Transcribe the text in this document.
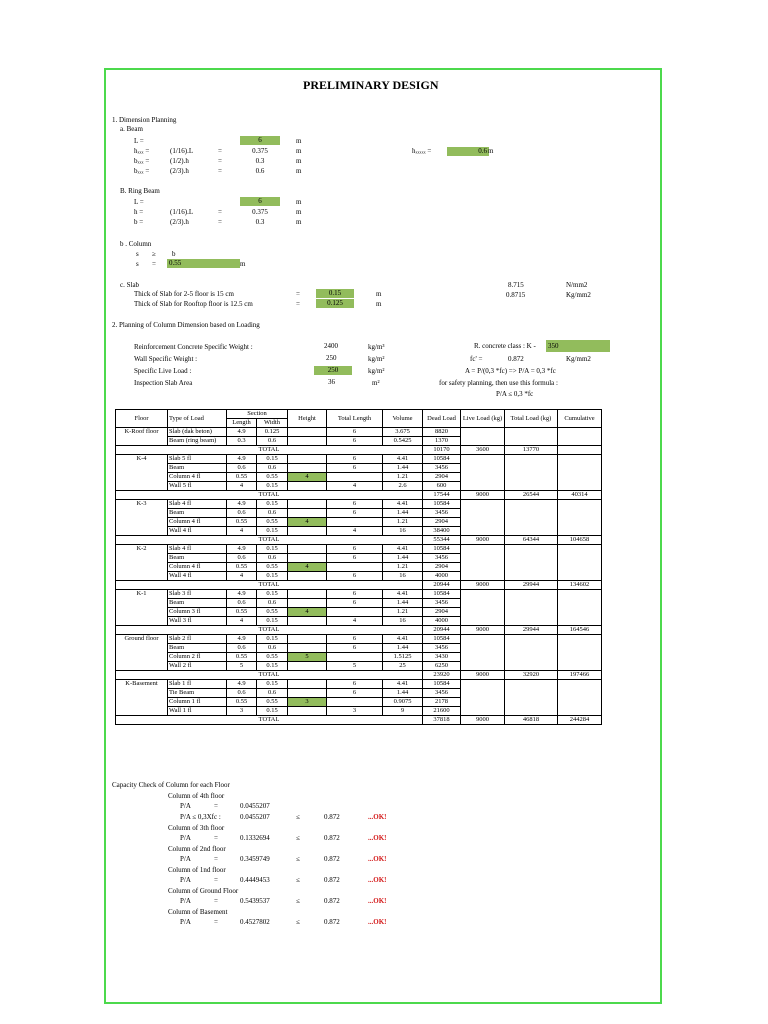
PRELIMINARY DESIGN
1. Dimension Planning
a. Beam
L =	6	m
hₓₓₓ =	(1/16).L	=	0.375	m
bₓₓₓ =	(1/2).h	=	0.3	m
bₓₓₓ =	(2/3).h	=	0.6	m
hₓₓₓₓₓ =	0.6 m
B. Ring Beam
L =	6	m
h =	(1/16).L	=	0.375	m
b =	(2/3).h	=	0.3	m
b . Column
s ≥ b
s = 0.55	m
c. Slab
Thick of Slab for 2-5 floor is 15 cm	=	0.15	m
Thick of Slab for Rooftop floor is 12.5 cm	=	0.125	m
8.715	N/mm2
0.8715	Kg/mm2
2. Planning of Column Dimension based on Loading
Reinforcement Concrete Specific Weight :	2400	kg/m³
Wall Specific Weight :	250	kg/m²
Specific Live Load :	250	kg/m²
Inspection Slab Area	36	m²
R. concrete class : K - 350
fc' =	0.872	Kg/mm2
A = P/(0,3 *fc) => P/A = 0,3 *fc
for safety planning, then use this formula :
P/A ≤ 0,3 *fc
Floor	Type of Load	Section		Height	Total Length	Volume	Dead Load	Live Load (kg)	Total Load (kg)	Cumulative
		Length	Width							
K-Roof floor	Slab (dak beton)	4.9	0.125		6	3.675	8820			
	Beam (ring beam)	0.3	0.6		6	0.5425	1370			
TOTAL							10170	3600	13770	
K-4	Slab 5 fl	4.9	0.15		6	4.41	10584			
	Beam	0.6	0.6		6	1.44	3456			
	Column 4 fl	0.55	0.55	4		1.21	2904			
	Wall 5 fl	4	0.15		4	2.6	600			
TOTAL							17544	9000	26544	40314
K-3	Slab 4 fl	4.9	0.15		6	4.41	10584			
	Beam	0.6	0.6		6	1.44	3456			
	Column 4 fl	0.55	0.55	4		1.21	2904			
	Wall 4 fl	4	0.15		4	16	38400			
TOTAL							55344	9000	64344	104658
K-2	Slab 4 fl	4.9	0.15		6	4.41	10584			
	Beam	0.6	0.6		6	1.44	3456			
	Column 4 fl	0.55	0.55	4		1.21	2904			
	Wall 4 fl	4	0.15		6	16	4000			
TOTAL							20944	9000	29944	134602
K-1	Slab 3 fl	4.9	0.15		6	4.41	10584			
	Beam	0.6	0.6		6	1.44	3456			
	Column 3 fl	0.55	0.55	4		1.21	2904			
	Wall 3 fl	4	0.15		4	16	4000			
TOTAL							20944	9000	29944	164546
Ground floor	Slab 2 fl	4.9	0.15		6	4.41	10584			
	Beam	0.6	0.6		6	1.44	3456			
	Column 2 fl	0.55	0.55	5		1.5125	3430			
	Wall 2 fl	5	0.15		5	25	6250			
TOTAL							23920	9000	32920	197466
K-Basement	Slab 1 fl	4.9	0.15		6	4.41	10584			
	Tie Beam	0.6	0.6		6	1.44	3456			
	Column 1 fl	0.55	0.55	3		0.9075	2178			
	Wall 1 fl	3	0.15		3	9	21600			
TOTAL							37818	9000	46818	244284
Capacity Check of Column for each Floor
Column of 4th floor
P/A	=	0.0455207
P/A ≤ 0,3Xfc :	0.0455207	≤	0.872	...OK!
Column of 3th floor
P/A	=	0.1332694	≤	0.872	...OK!
Column of 2nd floor
P/A	=	0.3459749	≤	0.872	...OK!
Column of 1nd floor
P/A	=	0.4449453	≤	0.872	...OK!
Column of Ground Floor
P/A	=	0.5439537	≤	0.872	...OK!
Column of Basement
P/A	=	0.4527802	≤	0.872	...OK!
